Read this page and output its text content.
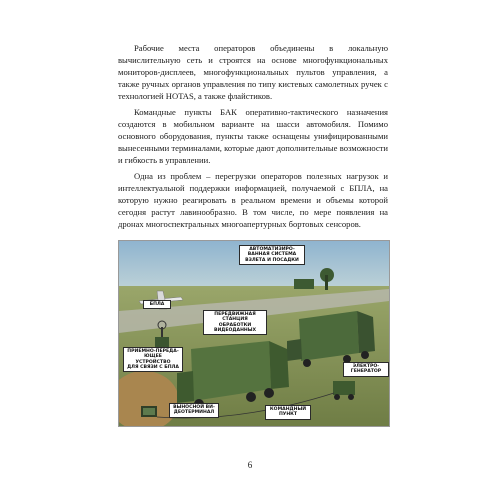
Рабочие места операторов объединены в локальную вычислительную сеть и строятся на основе многофункциональных мониторов-дисплеев, многофункциональных пультов управления, а также ручных органов управления по типу кистевых самолетных ручек с технологией HOTAS, а также флайстиков.

Командные пункты БАК оперативно-тактического назначения создаются в мобильном варианте на шасси автомобиля. Помимо основного оборудования, пункты также оснащены унифицированными вынесенными терминалами, которые дают дополнительные возможности и гибкость в управлении.

Одна из проблем – перегрузки операторов полезных нагрузок и интеллектуальной поддержки информацией, получаемой с БПЛА, на которую нужно реагировать в реальном времени и объемы которой сегодня растут лавинообразно. В том числе, по мере появления на дронах многоспектральных многоапертурных бортовых сенсоров.

АВТОМАТИЗИРО-
ВАННАЯ СИСТЕМА
ВЗЛЕТА И ПОСАДКИ
БПЛА
ПЕРЕДВИЖНАЯ
СТАНЦИЯ ОБРАБОТКИ
ВИДЕОДАННЫХ
ПРИЕМНО-ПЕРЕДА-
ЮЩЕЕ УСТРОЙСТВО
ДЛЯ СВЯЗИ С БПЛА	ЭЛЕКТРО-
ГЕНЕРАТОР
ВЫНОСНОЙ ВИ-
ДЕОТЕРМИНАЛ
КОМАНДНЫЙ
ПУНКТ
6
